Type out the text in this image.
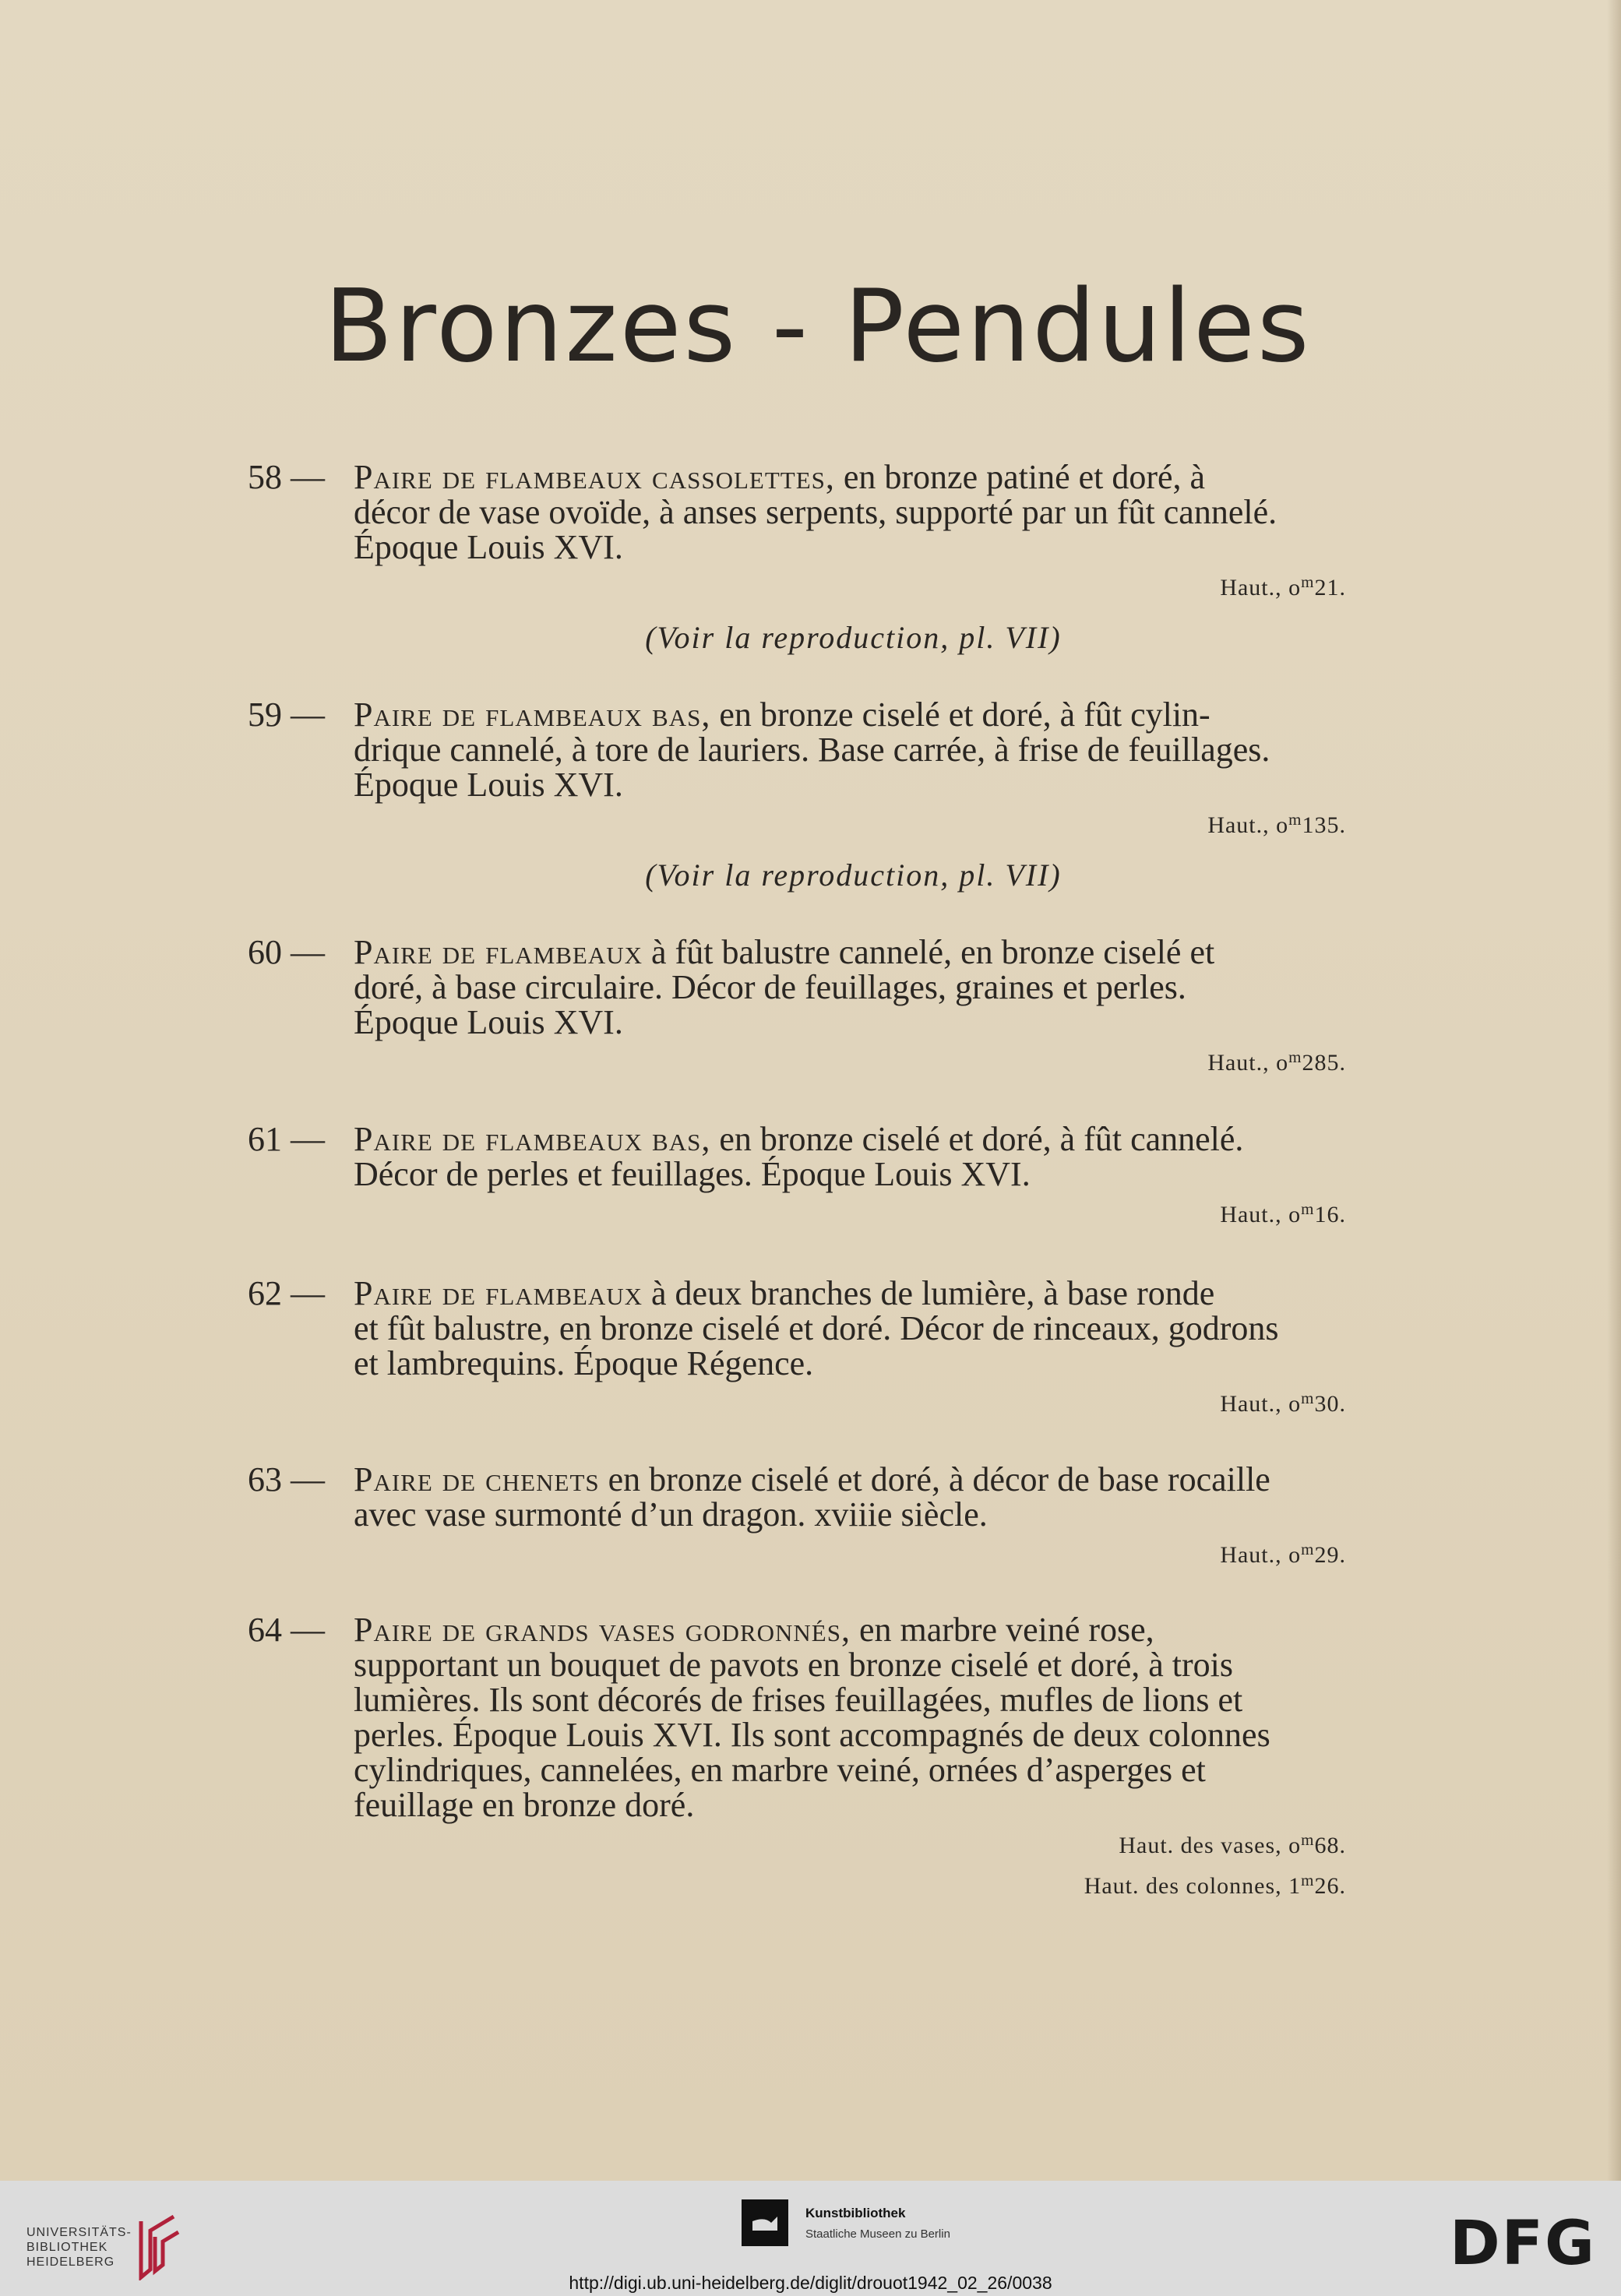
Bronzes - Pendules
58 — Paire de flambeaux cassolettes, en bronze patiné et doré, à
décor de vase ovoïde, à anses serpents, supporté par un fût cannelé.
Époque Louis XVI.
Haut., $o^m21$.
(Voir la reproduction, pl. VII)
59 — Paire de flambeaux bas, en bronze ciselé et doré, à fût cylin-
drique cannelé, à tore de lauriers. Base carrée, à frise de feuillages.
Époque Louis XVI.
Haut., $o^m135$.
(Voir la reproduction, pl. VII)
60 — Paire de flambeaux à fût balustre cannelé, en bronze ciselé et
doré, à base circulaire. Décor de feuillages, graines et perles.
Époque Louis XVI.
Haut., $o^m285$.
61 — Paire de flambeaux bas, en bronze ciselé et doré, à fût cannelé.
Décor de perles et feuillages. Époque Louis XVI.
Haut., $o^m16$.
62 — Paire de flambeaux à deux branches de lumière, à base ronde
et fût balustre, en bronze ciselé et doré. Décor de rinceaux, godrons
et lambrequins. Époque Régence.
Haut., $o^m30$.
63 — Paire de chenets en bronze ciselé et doré, à décor de base rocaille
avec vase surmonté d’un dragon. xviiie siècle.
Haut., $o^m29$.
64 — Paire de grands vases godronnés, en marbre veiné rose,
supportant un bouquet de pavots en bronze ciselé et doré, à trois
lumières. Ils sont décorés de frises feuillagées, mufles de lions et
perles. Époque Louis XVI. Ils sont accompagnés de deux colonnes
cylindriques, cannelées, en marbre veiné, ornées d’asperges et
feuillage en bronze doré.
Haut. des vases, $o^m68$.
Haut. des colonnes, 1$^m$26.
UNIVERSITÄTS-
BIBLIOTHEK
HEIDELBERG
Kunstbibliothek
Staatliche Museen zu Berlin	DFG
http://digi.ub.uni-heidelberg.de/diglit/drouot1942_02_26/0038
